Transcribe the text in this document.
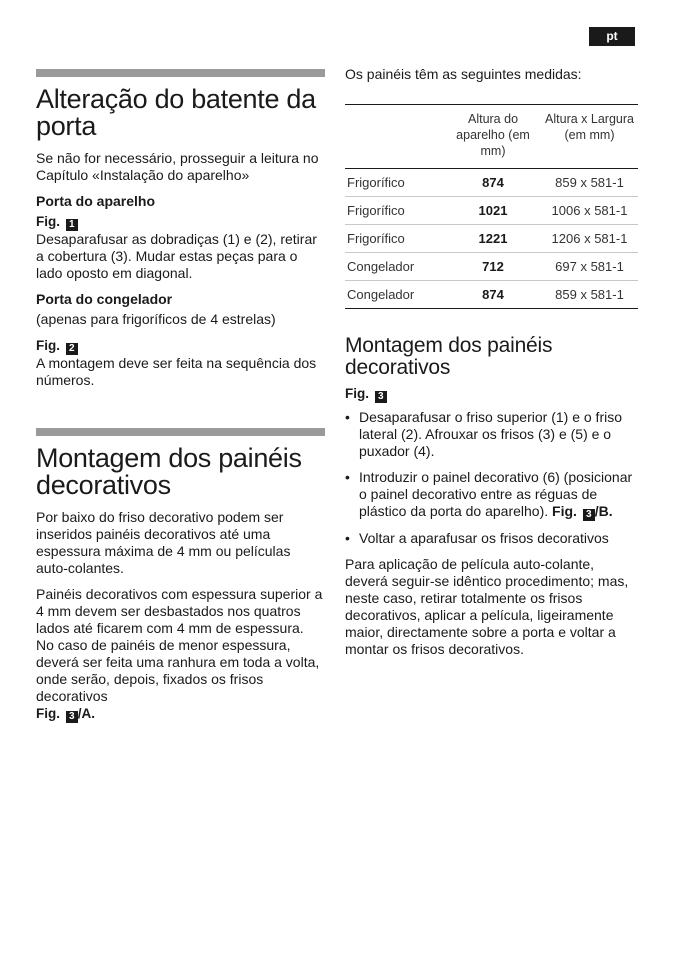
pt
Alteração do batente da porta

Se não for necessário, prosseguir a leitura no Capítulo «Instalação do aparelho»

Porta do aparelho
Fig. 1

Desaparafusar as dobradiças (1) e (2), retirar a cobertura (3). Mudar estas peças para o lado oposto em diagonal.

Porta do congelador

(apenas para frigoríficos de 4 estrelas)

Fig. 2

A montagem deve ser feita na sequência dos números.

Montagem dos painéis decorativos

Por baixo do friso decorativo podem ser inseridos painéis decorativos até uma espessura máxima de 4 mm ou películas auto-colantes.

Painéis decorativos com espessura superior a 4 mm devem ser desbastados nos quatros lados até ficarem com 4 mm de espessura. No caso de painéis de menor espessura, deverá ser feita uma ranhura em toda a volta, onde serão, depois, fixados os frisos decorativos

Fig. 3 /A.

Os painéis têm as seguintes medidas:

	Altura do aparelho (em mm)	Altura x Largura (em mm)
Frigorífico	874	859 x 581-1
Frigorífico	1021	1006 x 581-1
Frigorífico	1221	1206 x 581-1
Congelador	712	697 x 581-1
Congelador	874	859 x 581-1
Montagem dos painéis decorativos
Fig. 3
• Desaparafusar o friso superior (1) e o friso lateral (2). Afrouxar os frisos (3) e (5) e o puxador (4).
• Introduzir o painel decorativo (6) (posicionar o painel decorativo entre as réguas de plástico da porta do aparelho). Fig. 3 /B.
• Voltar a aparafusar os frisos decorativos

Para aplicação de película auto-colante, deverá seguir-se idêntico procedimento; mas, neste caso, retirar totalmente os frisos decorativos, aplicar a película, ligeiramente maior, directamente sobre a porta e voltar a montar os frisos decorativos.
